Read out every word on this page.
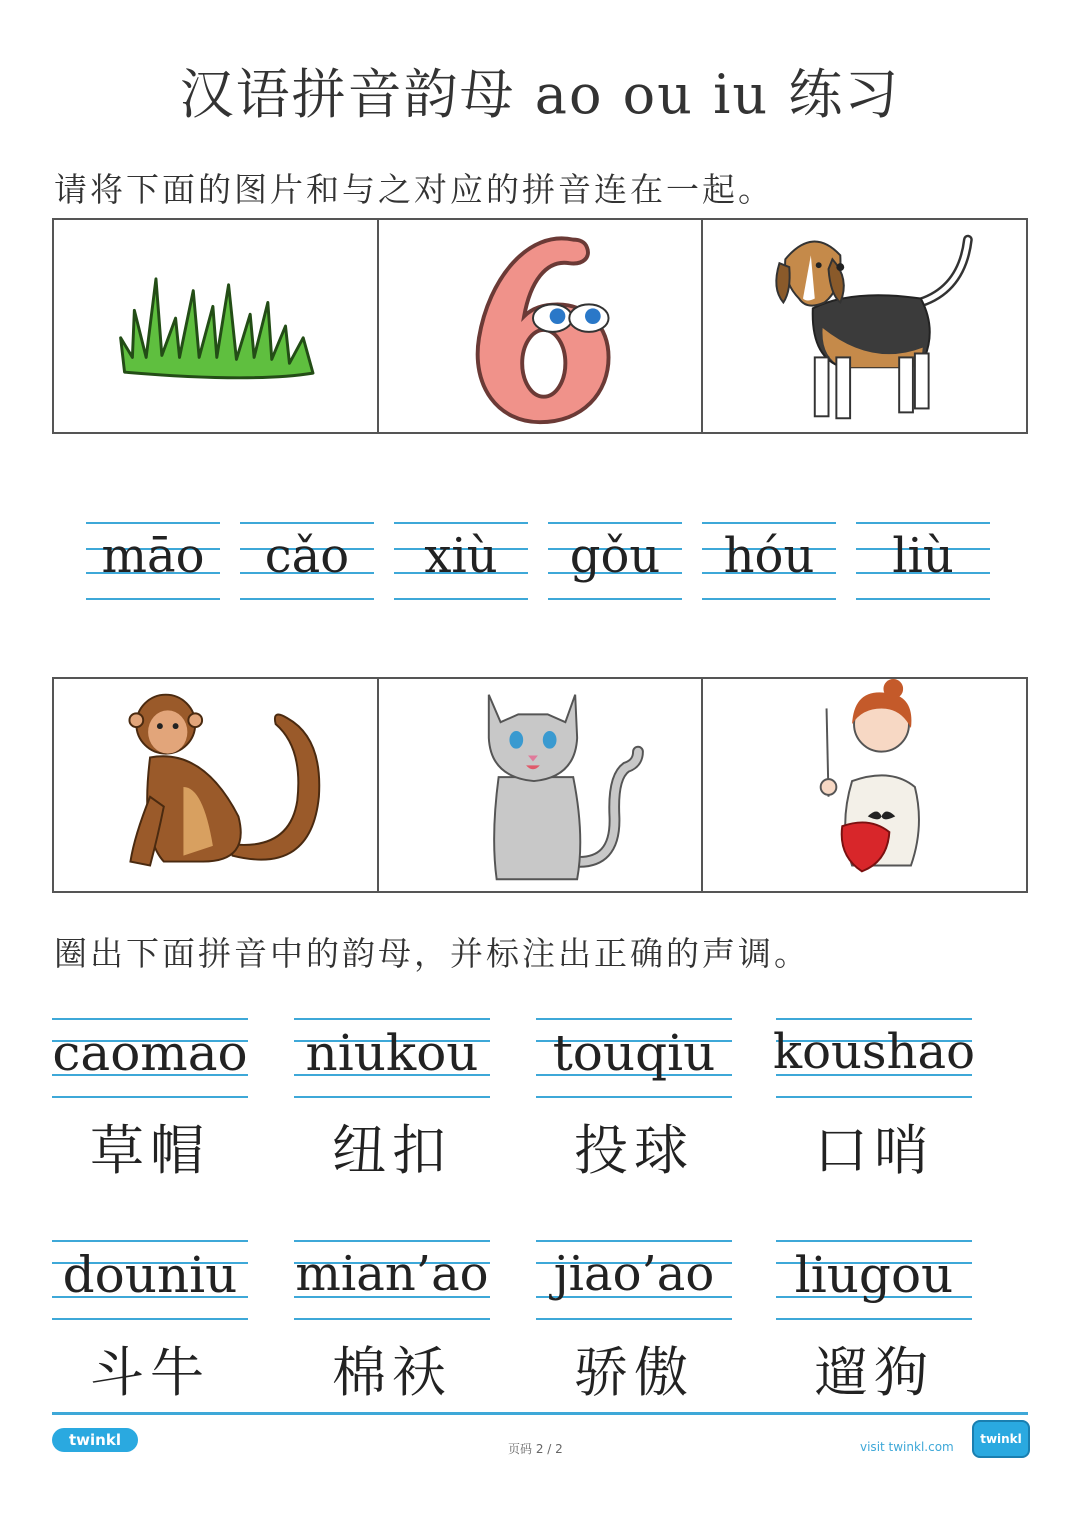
汉语拼音韵母 ao ou iu 练习
请将下面的图片和与之对应的拼音连在一起。
māo	cǎo	xiù	gǒu	hóu	liù
圈出下面拼音中的韵母，并标注出正确的声调。
caomao
草帽
niukou
纽扣
touqiu
投球
koushao
口哨
douniu
斗牛
mian’ao
棉袄
jiao’ao
骄傲
liugou
遛狗
twinkl	页码 2 / 2	visit twinkl.com
twinkl
